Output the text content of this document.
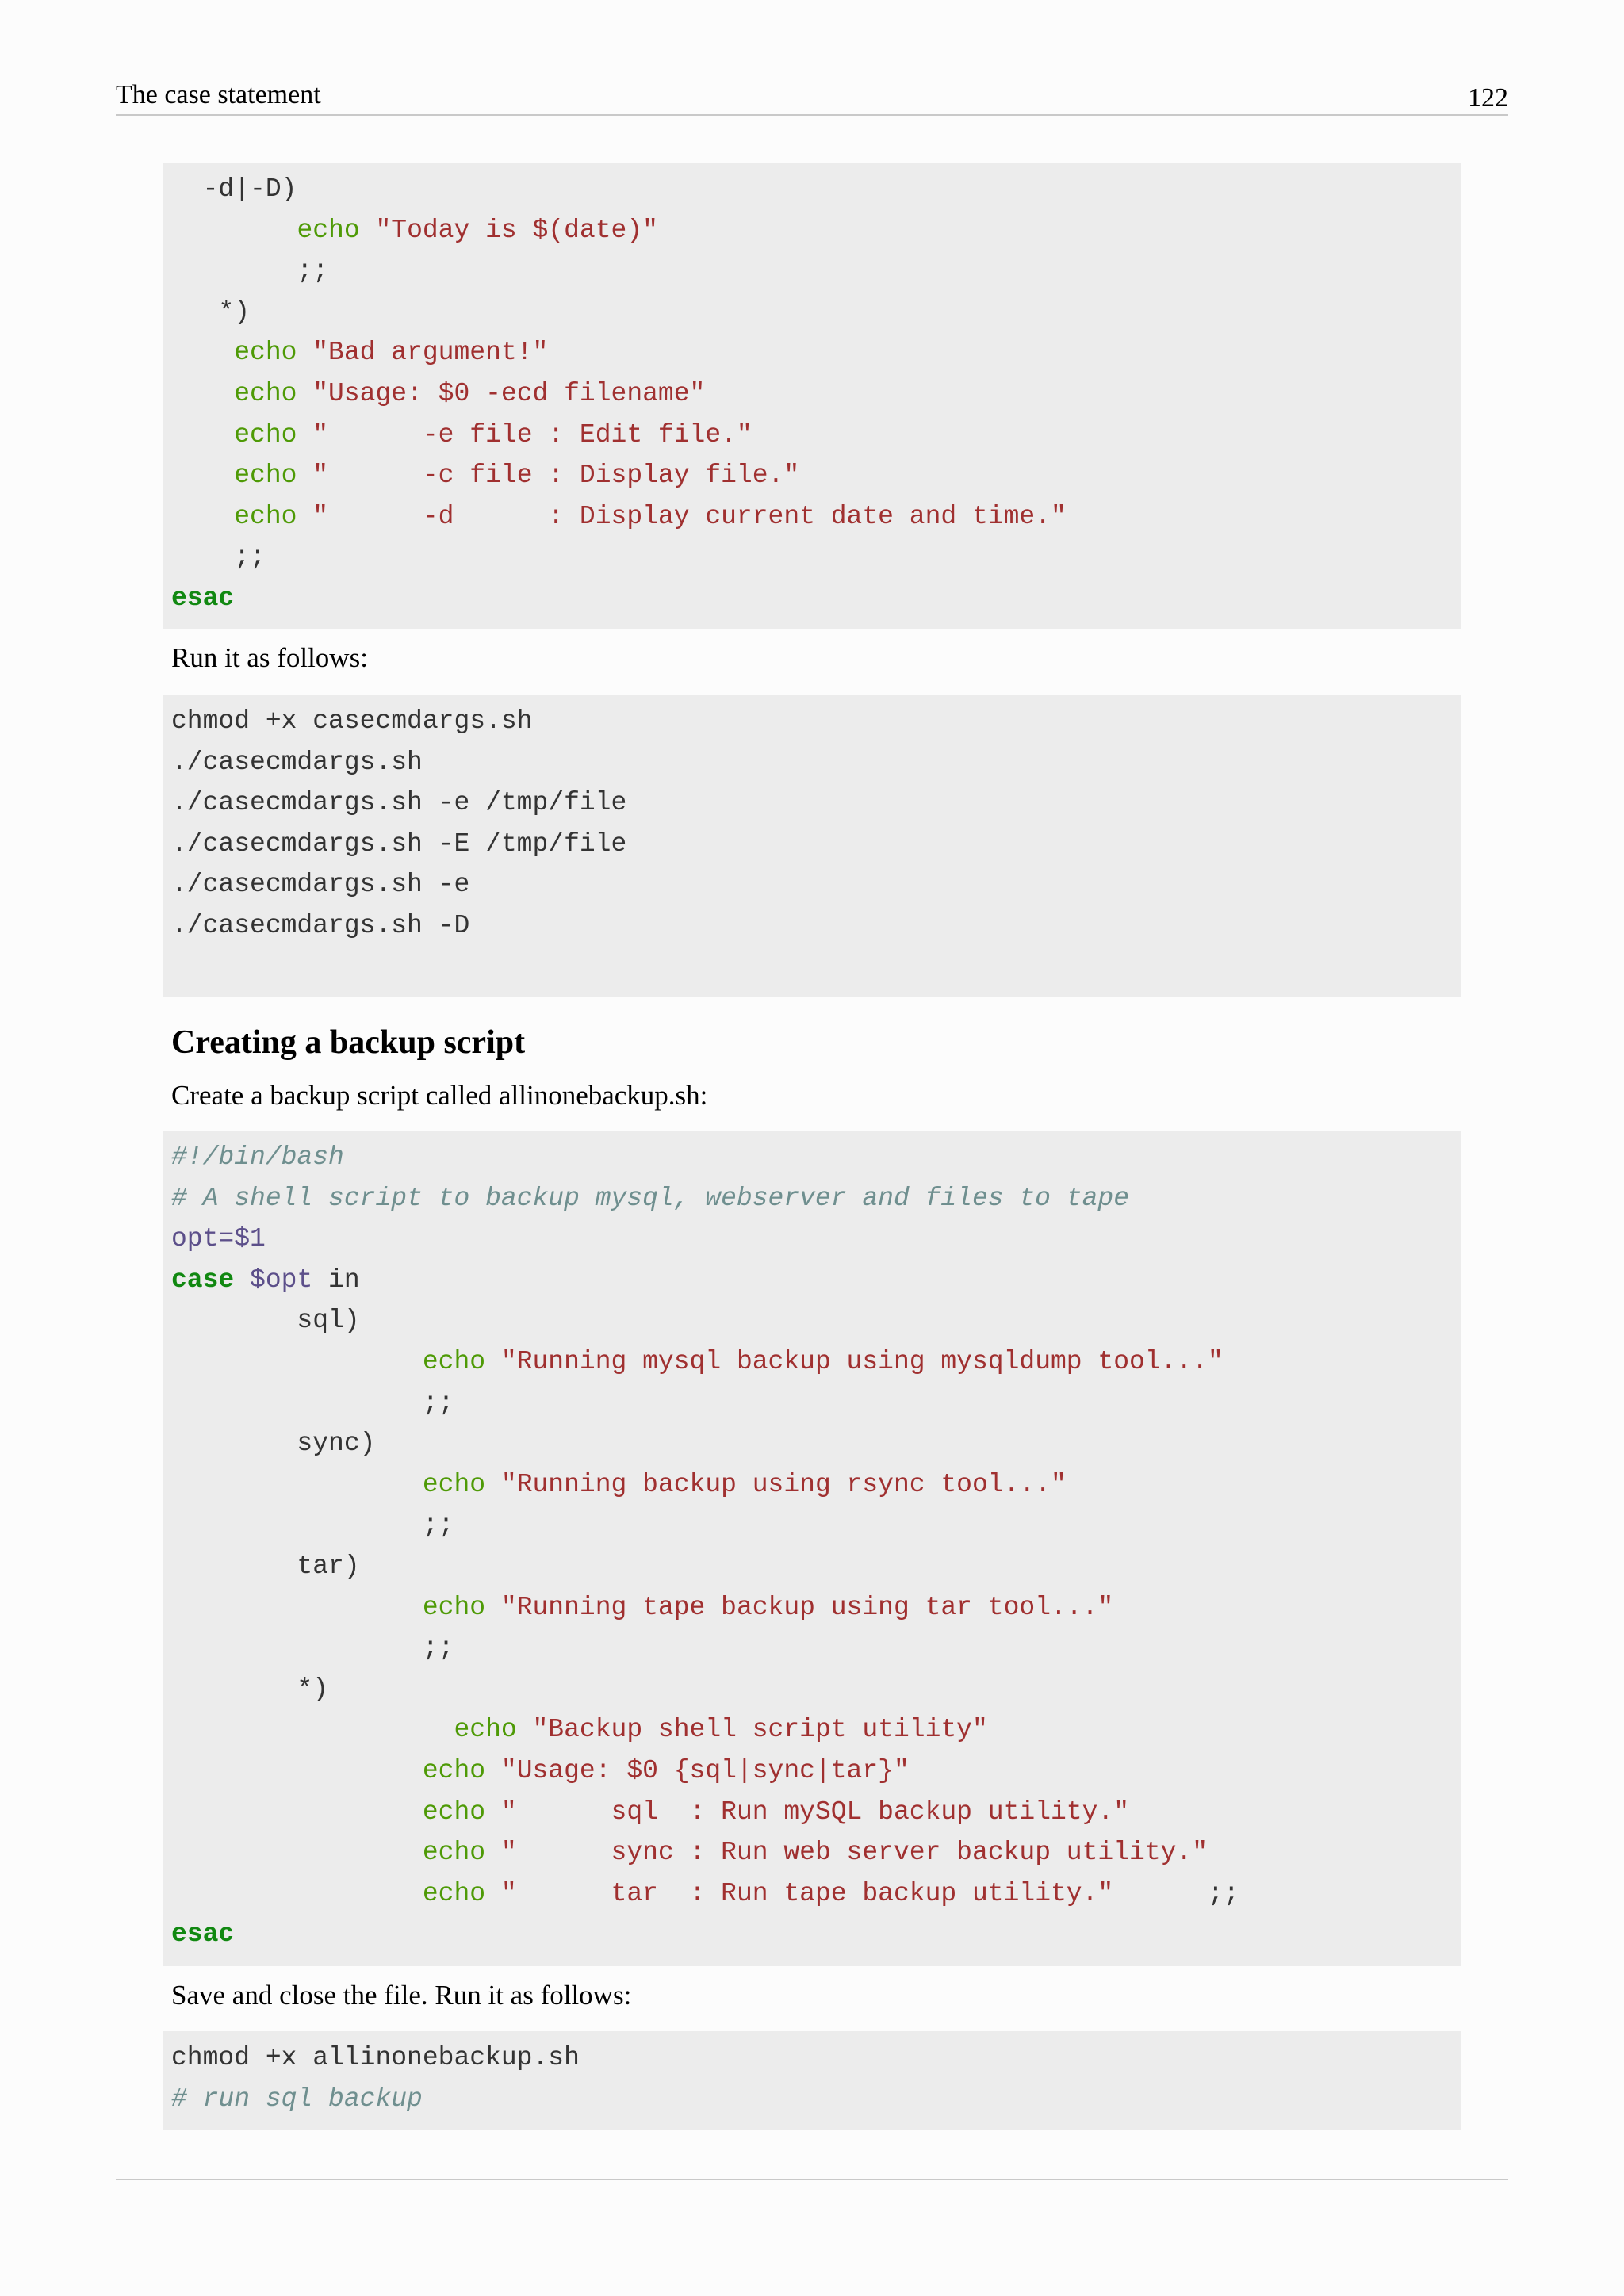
The case statement	122
-d|-D)
echo "Today is $(date)"
;;
*)
echo "Bad argument!"
echo "Usage: $0 -ecd filename"
echo "      -e file : Edit file."
echo "      -c file : Display file."
echo "      -d      : Display current date and time."
;;
esac
Run it as follows:
chmod +x casecmdargs.sh
./casecmdargs.sh
./casecmdargs.sh -e /tmp/file
./casecmdargs.sh -E /tmp/file
./casecmdargs.sh -e
./casecmdargs.sh -D
Creating a backup script
Create a backup script called allinonebackup.sh:
#!/bin/bash
# A shell script to backup mysql, webserver and files to tape
opt=$1
case $opt in
sql)
echo "Running mysql backup using mysqldump tool..."
;;
sync)
echo "Running backup using rsync tool..."
;;
tar)
echo "Running tape backup using tar tool..."
;;
*)
echo "Backup shell script utility"
echo "Usage: $0 {sql|sync|tar}"
echo "      sql  : Run mySQL backup utility."
echo "      sync : Run web server backup utility."
echo "      tar  : Run tape backup utility."      ;;
esac
Save and close the file. Run it as follows:
chmod +x allinonebackup.sh
# run sql backup
